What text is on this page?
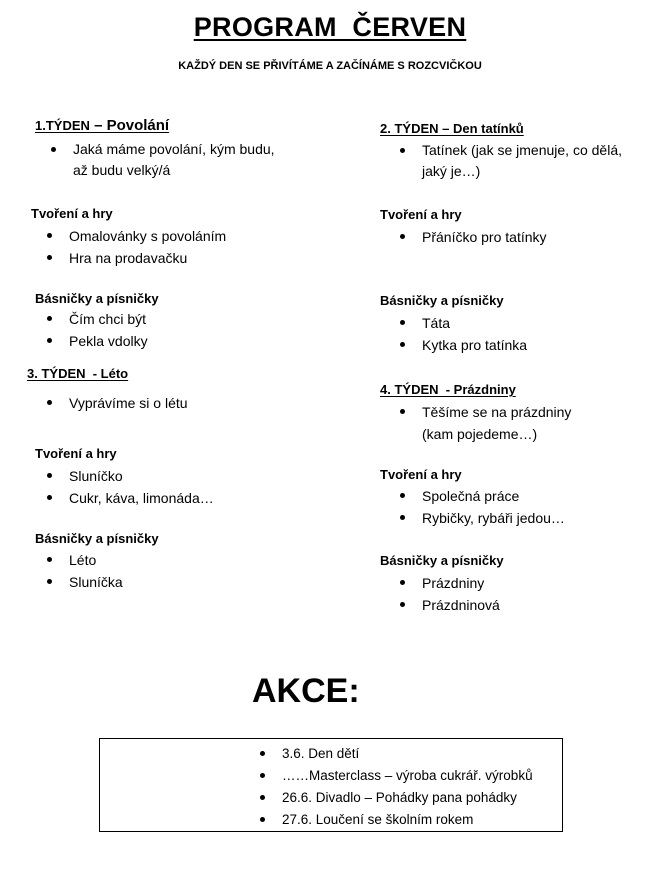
PROGRAM  ČERVEN
KAŽDÝ DEN SE PŘIVÍTÁME A ZAČÍNÁME S ROZCVIČKOU
1.TÝDEN – Povolání
Jaká máme povolání, kým budu,
až budu velký/á
Tvoření a hry
Omalovánky s povoláním
Hra na prodavačku
Básničky a písničky
Čím chci být
Pekla vdolky
3. TÝDEN  - Léto
Vyprávíme si o létu
Tvoření a hry
Sluníčko
Cukr, káva, limonáda…
Básničky a písničky
Léto
Sluníčka
2. TÝDEN – Den tatínků
Tatínek (jak se jmenuje, co dělá,
jaký je…)
Tvoření a hry
Přáníčko pro tatínky
Básničky a písničky
Táta
Kytka pro tatínka
4. TÝDEN  - Prázdniny
Těšíme se na prázdniny
(kam pojedeme…)
Tvoření a hry
Společná práce
Rybičky, rybáři jedou…
Básničky a písničky
Prázdniny
Prázdninová
AKCE:
3.6. Den dětí
……Masterclass – výroba cukrář. výrobků
26.6. Divadlo – Pohádky pana pohádky
27.6. Loučení se školním rokem
